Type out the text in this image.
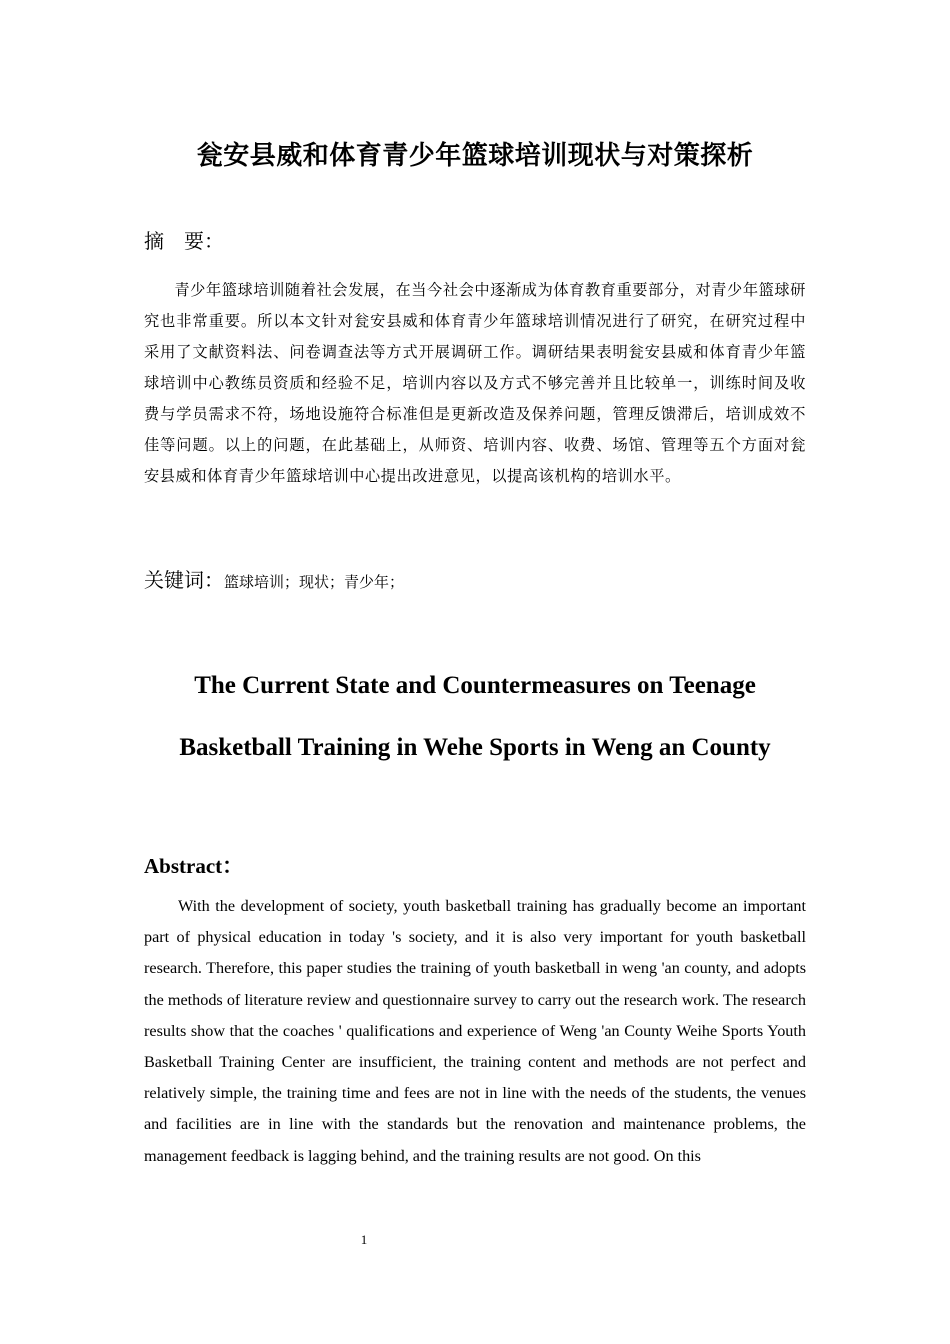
瓮安县威和体育青少年篮球培训现状与对策探析
摘　要：
青少年篮球培训随着社会发展，在当今社会中逐渐成为体育教育重要部分，对青少年篮球研究也非常重要。所以本文针对瓮安县威和体育青少年篮球培训情况进行了研究，在研究过程中采用了文献资料法、问卷调查法等方式开展调研工作。调研结果表明瓮安县威和体育青少年篮球培训中心教练员资质和经验不足，培训内容以及方式不够完善并且比较单一，训练时间及收费与学员需求不符，场地设施符合标准但是更新改造及保养问题，管理反馈滞后，培训成效不佳等问题。以上的问题，在此基础上，从师资、培训内容、收费、场馆、管理等五个方面对瓮安县威和体育青少年篮球培训中心提出改进意见，以提高该机构的培训水平。
关键词：篮球培训；现状；青少年；
The Current State and Countermeasures on Teenage
Basketball Training in Wehe Sports in Weng an County
Abstract：
With the development of society, youth basketball training has gradually become an important part of physical education in today 's society, and it is also very important for youth basketball research. Therefore, this paper studies the training of youth basketball in weng 'an county, and adopts the methods of literature review and questionnaire survey to carry out the research work. The research results show that the coaches ' qualifications and experience of Weng 'an County Weihe Sports Youth Basketball Training Center are insufficient, the training content and methods are not perfect and relatively simple, the training time and fees are not in line with the needs of the students, the venues and facilities are in line with the standards but the renovation and maintenance problems, the management feedback is lagging behind, and the training results are not good. On this
1
